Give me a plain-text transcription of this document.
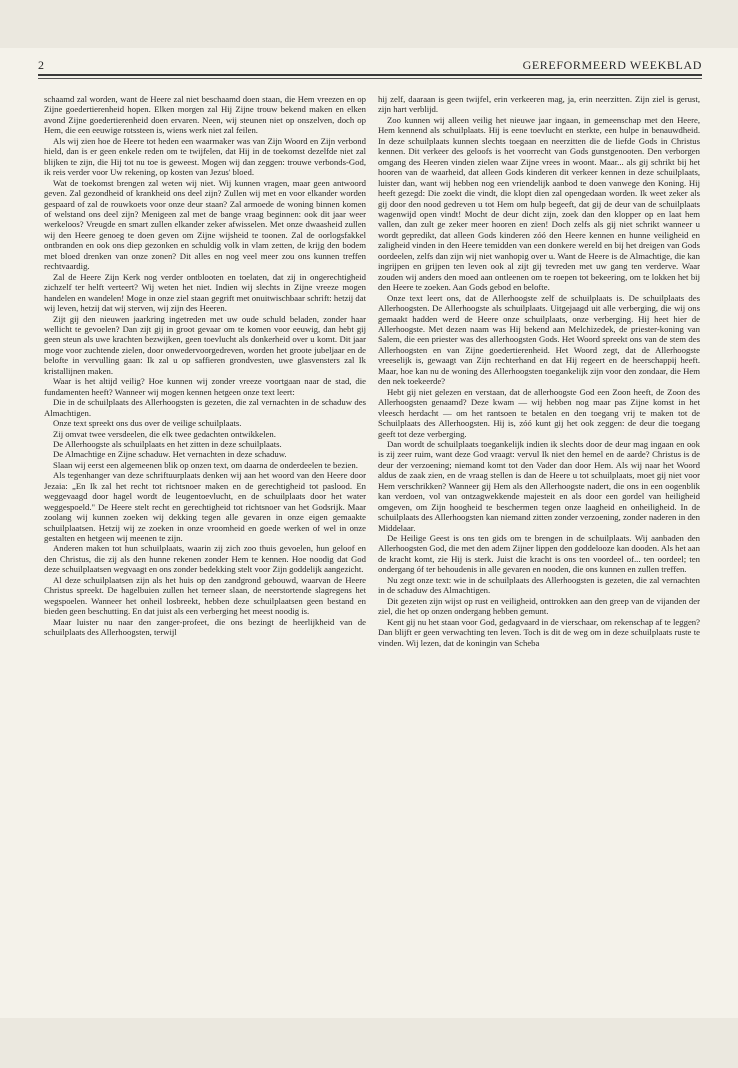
2	GEREFORMEERD WEEKBLAD

schaamd zal worden, want de Heere zal niet beschaamd doen staan, die Hem vreezen en op Zijne goedertierenheid hopen. Elken morgen zal Hij Zijne trouw bekend maken en elken avond Zijne goedertierenheid doen ervaren. Neen, wij steunen niet op onszelven, doch op Hem, die een eeuwige rotssteen is, wiens werk niet zal feilen.

Als wij zien hoe de Heere tot heden een waarmaker was van Zijn Woord en Zijn verbond hield, dan is er geen enkele reden om te twijfelen, dat Hij in de toekomst dezelfde niet zal blijken te zijn, die Hij tot nu toe is geweest. Mogen wij dan zeggen: trouwe verbonds-God, ik reis verder voor Uw rekening, op kosten van Jezus' bloed.

Wat de toekomst brengen zal weten wij niet. Wij kunnen vragen, maar geen antwoord geven. Zal gezondheid of krankheid ons deel zijn? Zullen wij met en voor elkander worden gespaard of zal de rouwkoets voor onze deur staan? Zal armoede de woning binnen komen of welstand ons deel zijn? Menigeen zal met de bange vraag beginnen: ook dit jaar weer werkeloos? Vreugde en smart zullen elkander zeker afwisselen. Met onze dwaasheid zullen wij den Heere genoeg te doen geven om Zijne wijsheid te toonen. Zal de oorlogsfakkel ontbranden en ook ons diep gezonken en schuldig volk in vlam zetten, de krijg den bodem met bloed drenken van onze zonen? Dit alles en nog veel meer zou ons kunnen treffen rechtvaardig.

Zal de Heere Zijn Kerk nog verder ontblooten en toelaten, dat zij in ongerechtigheid zichzelf ter helft verteert? Wij weten het niet. Indien wij slechts in Zijne vreeze mogen handelen en wandelen! Moge in onze ziel staan gegrift met onuitwischbaar schrift: hetzij dat wij leven, hetzij dat wij sterven, wij zijn des Heeren.

Zijt gij den nieuwen jaarkring ingetreden met uw oude schuld beladen, zonder haar wellicht te gevoelen? Dan zijt gij in groot gevaar om te komen voor eeuwig, dan hebt gij geen steun als uwe krachten bezwijken, geen toevlucht als donkerheid over u komt. Dit jaar moge voor zuchtende zielen, door onwedervoorgedreven, worden het groote jubeljaar en de belofte in vervulling gaan: Ik zal u op saffieren grondvesten, uwe glasvensters zal Ik kristallijnen maken.

Waar is het altijd veilig? Hoe kunnen wij zonder vreeze voortgaan naar de stad, die fundamenten heeft? Wanneer wij mogen kennen hetgeen onze text leert:

Die in de schuilplaats des Allerhoogsten is gezeten, die zal vernachten in de schaduw des Almachtigen.

Onze text spreekt ons dus over de veilige schuilplaats.

Zij omvat twee versdeelen, die elk twee gedachten ontwikkelen.

De Allerhoogste als schuilplaats en het zitten in deze schuilplaats.

De Almachtige en Zijne schaduw. Het vernachten in deze schaduw.

Slaan wij eerst een algemeenen blik op onzen text, om daarna de onderdeelen te bezien.

Als tegenhanger van deze schriftuurplaats denken wij aan het woord van den Heere door Jezaia: „En Ik zal het recht tot richtsnoer maken en de gerechtigheid tot paslood. En weggevaagd door hagel wordt de leugentoevlucht, en de schuilplaats door het water weggespoeld." De Heere stelt recht en gerechtigheid tot richtsnoer van het Godsrijk. Maar zoolang wij kunnen zoeken wij dekking tegen alle gevaren in onze eigen gemaakte schuilplaatsen. Hetzij wij ze zoeken in onze vroomheid en goede werken of wel in onze gestalten en hetgeen wij meenen te zijn.

Anderen maken tot hun schuilplaats, waarin zij zich zoo thuis gevoelen, hun geloof en den Christus, die zij als den hunne rekenen zonder Hem te kennen. Hoe noodig dat God deze schuilplaatsen wegvaagt en ons zonder bedekking stelt voor Zijn goddelijk aangezicht.

Al deze schuilplaatsen zijn als het huis op den zandgrond gebouwd, waarvan de Heere Christus spreekt. De hagelbuien zullen het terneer slaan, de neerstortende slagregens het wegspoelen. Wanneer het onheil losbreekt, hebben deze schuilplaatsen geen bestand en bieden geen beschutting. En dat juist als een verberging het meest noodig is.

Maar luister nu naar den zanger-profeet, die ons bezingt de heerlijkheid van de schuilplaats des Allerhoogsten, terwijl

hij zelf, daaraan is geen twijfel, erin verkeeren mag, ja, erin neerzitten. Zijn ziel is gerust, zijn hart verblijd.

Zoo kunnen wij alleen veilig het nieuwe jaar ingaan, in gemeenschap met den Heere, Hem kennend als schuilplaats. Hij is eene toevlucht en sterkte, een hulpe in benauwdheid. In deze schuilplaats kunnen slechts toegaan en neerzitten die de liefde Gods in Christus kennen. Dit verkeer des geloofs is het voorrecht van Gods gunstgenooten. Den verborgen omgang des Heeren vinden zielen waar Zijne vrees in woont. Maar... als gij schrikt bij het hooren van de waarheid, dat alleen Gods kinderen dit verkeer kennen in deze schuilplaats, luister dan, want wij hebben nog een vriendelijk aanbod te doen vanwege den Koning. Hij heeft gezegd: Die zoekt die vindt, die klopt dien zal opengedaan worden. Ik weet zeker als gij door den nood gedreven u tot Hem om hulp begeeft, dat gij de deur van de schuilplaats wagenwijd open vindt! Mocht de deur dicht zijn, zoek dan den klopper op en laat hem vallen, dan zult ge zeker meer hooren en zien! Doch zelfs als gij niet schrikt wanneer u wordt gepredikt, dat alleen Gods kinderen zóó den Heere kennen en hunne veiligheid en zaligheid vinden in den Heere temidden van een donkere wereld en bij het dreigen van Gods oordeelen, zelfs dan zijn wij niet wanhopig over u. Want de Heere is de Almachtige, die kan ingrijpen en grijpen ten leven ook al zijt gij tevreden met uw gang ten verderve. Waar zouden wij anders den moed aan ontleenen om te roepen tot bekeering, om te lokken het bij den Heere te zoeken. Aan Gods gebod en belofte.

Onze text leert ons, dat de Allerhoogste zelf de schuilplaats is. De schuilplaats des Allerhoogsten. De Allerhoogste als schuilplaats. Uitgejaagd uit alle verberging, die wij ons gemaakt hadden werd de Heere onze schuilplaats, onze verberging. Hij heet hier de Allerhoogste. Met dezen naam was Hij bekend aan Melchizedek, de priester-koning van Salem, die een priester was des allerhoogsten Gods. Het Woord spreekt ons van de stem des Allerhoogsten en van Zijne goedertierenheid. Het Woord zegt, dat de Allerhoogste vreeselijk is, gewaagt van Zijn rechterhand en dat Hij regeert en de heerschappij heeft. Maar, hoe kan nu de woning des Allerhoogsten toegankelijk zijn voor den zondaar, die Hem den nek toekeerde?

Hebt gij niet gelezen en verstaan, dat de allerhoogste God een Zoon heeft, de Zoon des Allerhoogsten genaamd? Deze kwam — wij hebben nog maar pas Zijne komst in het vleesch herdacht — om het rantsoen te betalen en den toegang vrij te maken tot de Schuilplaats des Allerhoogsten. Hij is, zóó kunt gij het ook zeggen: de deur die toegang geeft tot deze verberging.

Dan wordt de schuilplaats toegankelijk indien ik slechts door de deur mag ingaan en ook is zij zeer ruim, want deze God vraagt: vervul Ik niet den hemel en de aarde? Christus is de deur der verzoening; niemand komt tot den Vader dan door Hem. Als wij naar het Woord aldus de zaak zien, en de vraag stellen is dan de Heere u tot schuilplaats, moet gij niet voor Hem verschrikken? Wanneer gij Hem als den Allerhoogste nadert, die ons in een oogenblik kan verdoen, vol van ontzagwekkende majesteit en als door een gordel van heiligheid omgeven, om Zijn hoogheid te beschermen tegen onze laagheid en onheiligheid. In de schuilplaats des Allerhoogsten kan niemand zitten zonder verzoening, zonder naderen in den Middelaar.

De Heilige Geest is ons ten gids om te brengen in de schuilplaats. Wij aanbaden den Allerhoogsten God, die met den adem Zijner lippen den goddelooze kan dooden. Als het aan de kracht komt, zie Hij is sterk. Juist die kracht is ons ten voordeel of... ten oordeel; ten ondergang óf ter behoudenis in alle gevaren en nooden, die ons kunnen en zullen treffen.

Nu zegt onze text: wie in de schuilplaats des Allerhoogsten is gezeten, die zal vernachten in de schaduw des Almachtigen.

Dit gezeten zijn wijst op rust en veiligheid, onttrokken aan den greep van de vijanden der ziel, die het op onzen ondergang hebben gemunt.

Kent gij nu het staan voor God, gedagvaard in de vierschaar, om rekenschap af te leggen? Dan blijft er geen verwachting ten leven. Toch is dit de weg om in deze schuilplaats ruste te vinden. Wij lezen, dat de koningin van Scheba
